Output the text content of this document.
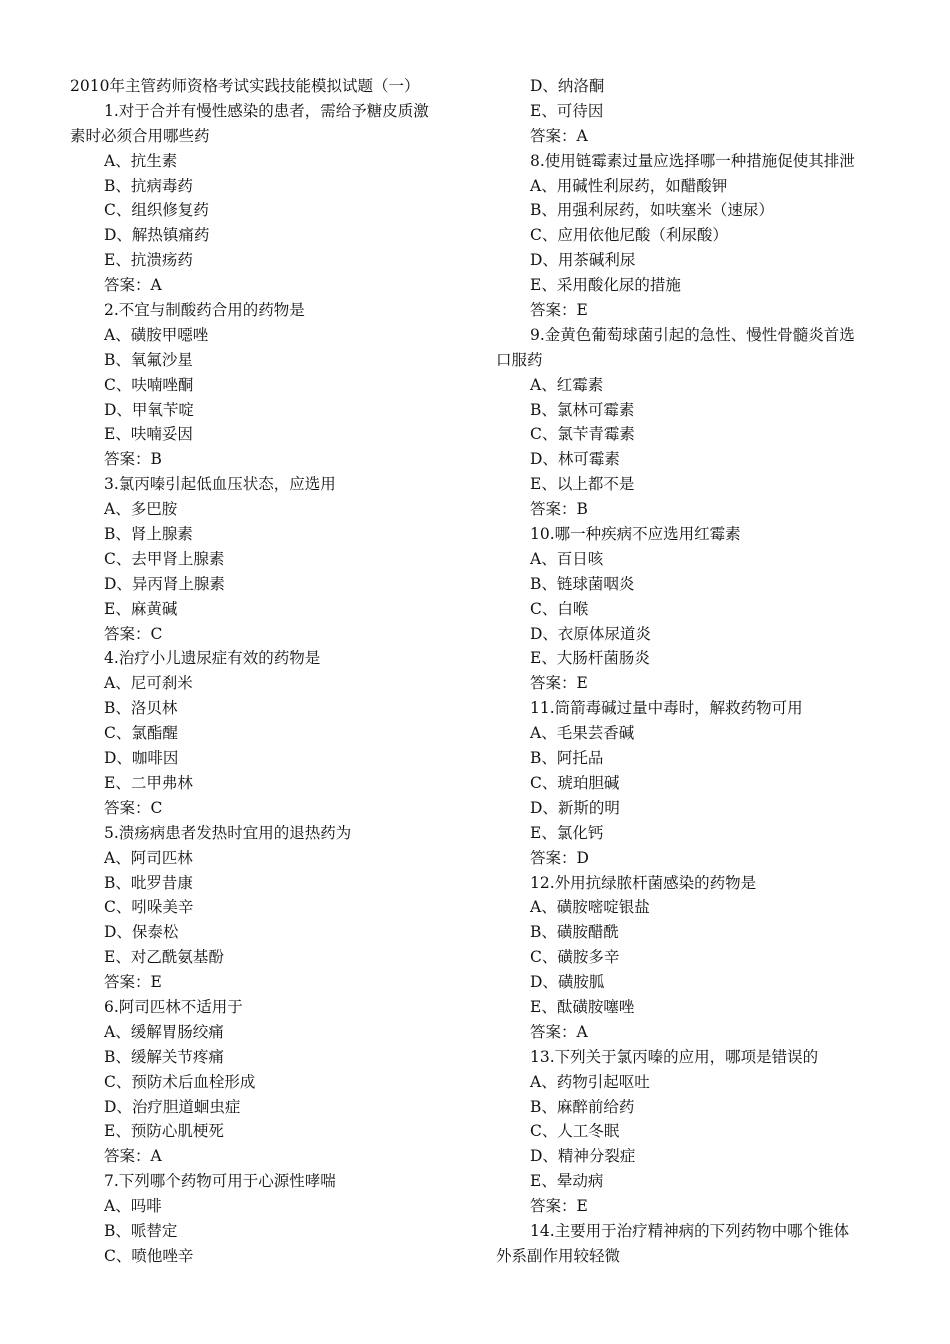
2010年主管药师资格考试实践技能模拟试题（一）
1.对于合并有慢性感染的患者，需给予糖皮质激
素时必须合用哪些药
A、抗生素
B、抗病毒药
C、组织修复药
D、解热镇痛药
E、抗溃疡药
答案：A
2.不宜与制酸药合用的药物是
A、磺胺甲噁唑
B、氧氟沙星
C、呋喃唑酮
D、甲氧苄啶
E、呋喃妥因
答案：B
3.氯丙嗪引起低血压状态，应选用
A、多巴胺
B、肾上腺素
C、去甲肾上腺素
D、异丙肾上腺素
E、麻黄碱
答案：C
4.治疗小儿遗尿症有效的药物是
A、尼可刹米
B、洛贝林
C、氯酯醒
D、咖啡因
E、二甲弗林
答案：C
5.溃疡病患者发热时宜用的退热药为
A、阿司匹林
B、吡罗昔康
C、吲哚美辛
D、保泰松
E、对乙酰氨基酚
答案：E
6.阿司匹林不适用于
A、缓解胃肠绞痛
B、缓解关节疼痛
C、预防术后血栓形成
D、治疗胆道蛔虫症
E、预防心肌梗死
答案：A
7.下列哪个药物可用于心源性哮喘
A、吗啡
B、哌替定
C、喷他唑辛
D、纳洛酮
E、可待因
答案：A
8.使用链霉素过量应选择哪一种措施促使其排泄
A、用碱性利尿药，如醋酸钾
B、用强利尿药，如呋塞米（速尿）
C、应用依他尼酸（利尿酸）
D、用茶碱利尿
E、采用酸化尿的措施
答案：E
9.金黄色葡萄球菌引起的急性、慢性骨髓炎首选
口服药
A、红霉素
B、氯林可霉素
C、氯苄青霉素
D、林可霉素
E、以上都不是
答案：B
10.哪一种疾病不应选用红霉素
A、百日咳
B、链球菌咽炎
C、白喉
D、衣原体尿道炎
E、大肠杆菌肠炎
答案：E
11.筒箭毒碱过量中毒时，解救药物可用
A、毛果芸香碱
B、阿托品
C、琥珀胆碱
D、新斯的明
E、氯化钙
答案：D
12.外用抗绿脓杆菌感染的药物是
A、磺胺嘧啶银盐
B、磺胺醋酰
C、磺胺多辛
D、磺胺胍
E、酞磺胺噻唑
答案：A
13.下列关于氯丙嗪的应用，哪项是错误的
A、药物引起呕吐
B、麻醉前给药
C、人工冬眠
D、精神分裂症
E、晕动病
答案：E
14.主要用于治疗精神病的下列药物中哪个锥体
外系副作用较轻微
